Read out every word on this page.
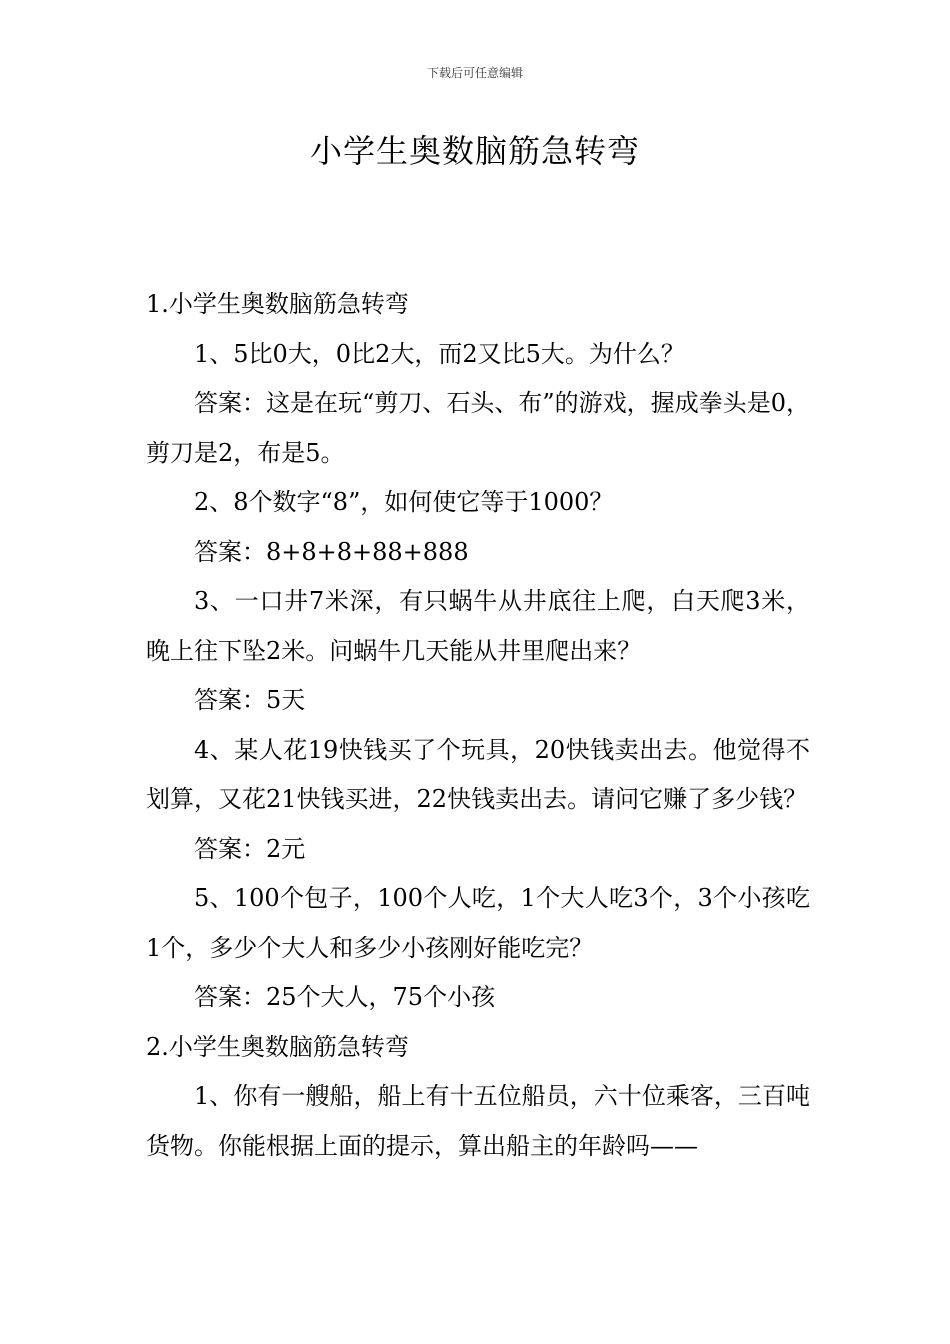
下载后可任意编辑
小学生奥数脑筋急转弯

1.小学生奥数脑筋急转弯

1、5比0大，0比2大，而2又比5大。为什么？

答案：这是在玩“剪刀、石头、布”的游戏，握成拳头是0，剪刀是2，布是5。

2、8个数字“8”，如何使它等于1000？

答案：8+8+8+88+888

3、一口井7米深，有只蜗牛从井底往上爬，白天爬3米，晚上往下坠2米。问蜗牛几天能从井里爬出来？

答案：5天

4、某人花19快钱买了个玩具，20快钱卖出去。他觉得不划算，又花21快钱买进，22快钱卖出去。请问它赚了多少钱？

答案：2元

5、100个包子，100个人吃，1个大人吃3个，3个小孩吃1个，多少个大人和多少小孩刚好能吃完？

答案：25个大人，75个小孩

2.小学生奥数脑筋急转弯

1、你有一艘船，船上有十五位船员，六十位乘客，三百吨货物。你能根据上面的提示，算出船主的年龄吗——
